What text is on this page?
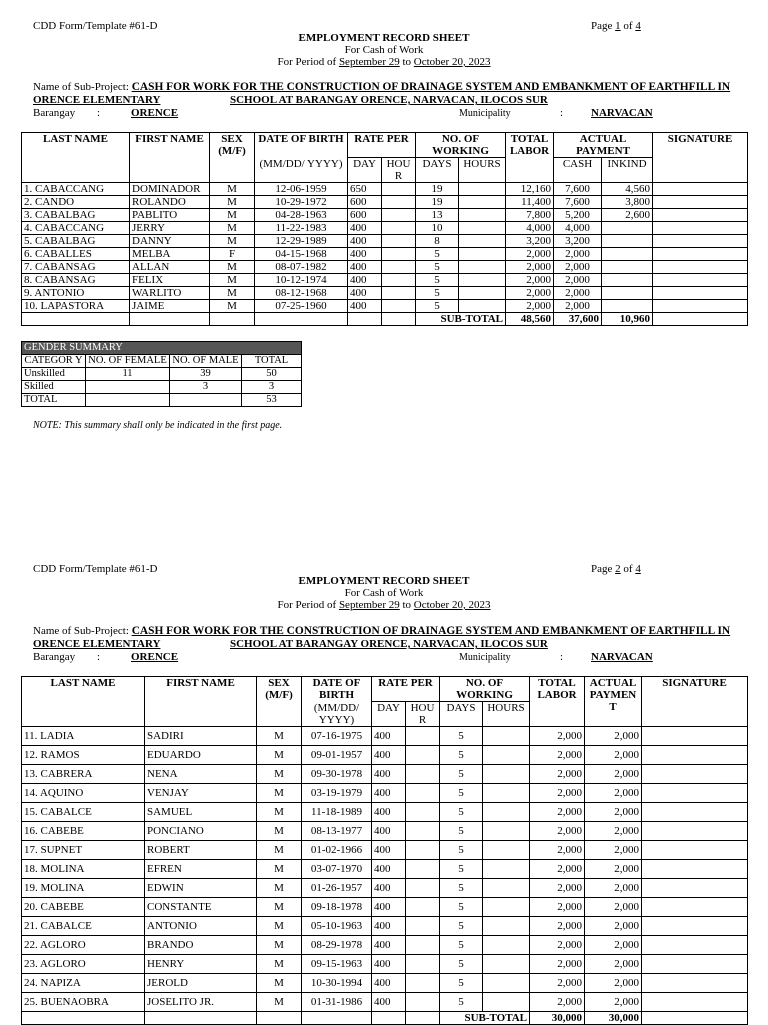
CDD Form/Template #61-D	Page 1 of 4
EMPLOYMENT RECORD SHEET
For Cash of Work
For Period of September 29 to October 20, 2023
Name of Sub-Project: CASH FOR WORK FOR THE CONSTRUCTION OF DRAINAGE SYSTEM AND EMBANKMENT OF EARTHFILL IN
ORENCE ELEMENTARY	SCHOOL AT BARANGAY ORENCE, NARVACAN, ILOCOS SUR
Barangay :	ORENCE	Municipality	:	NARVACAN
LAST NAME	FIRST NAME	SEX (M/F)	DATE OF BIRTH	RATE PER		NO. OF WORKING		TOTAL LABOR	ACTUAL PAYMENT		SIGNATURE
			(MM/DD/ YYYY)	DAY	HOU R	DAYS	HOURS		CASH	INKIND	
1. CABACCANG	DOMINADOR	M	12-06-1959	650		19		12,160	7,600	4,560	
2. CANDO	ROLANDO	M	10-29-1972	600		19		11,400	7,600	3,800	
3. CABALBAG	PABLITO	M	04-28-1963	600		13		7,800	5,200	2,600	
4. CABACCANG	JERRY	M	11-22-1983	400		10		4,000	4,000		
5. CABALBAG	DANNY	M	12-29-1989	400		8		3,200	3,200		
6. CABALLES	MELBA	F	04-15-1968	400		5		2,000	2,000		
7. CABANSAG	ALLAN	M	08-07-1982	400		5		2,000	2,000		
8. CABANSAG	FELIX	M	10-12-1974	400		5		2,000	2,000		
9. ANTONIO	WARLITO	M	08-12-1968	400		5		2,000	2,000		
10. LAPASTORA	JAIME	M	07-25-1960	400		5		2,000	2,000		
						SUB-TOTAL		48,560	37,600	10,960	
GENDER SUMMARY			
CATEGOR Y	NO. OF FEMALE	NO. OF MALE	TOTAL
Unskilled	11	39	50
Skilled		3	3
TOTAL			53
NOTE: This summary shall only be indicated in the first page.
CDD Form/Template #61-D	Page 2 of 4
EMPLOYMENT RECORD SHEET
For Cash of Work
For Period of September 29 to October 20, 2023
Name of Sub-Project: CASH FOR WORK FOR THE CONSTRUCTION OF DRAINAGE SYSTEM AND EMBANKMENT OF EARTHFILL IN
ORENCE ELEMENTARY	SCHOOL AT BARANGAY ORENCE, NARVACAN, ILOCOS SUR
Barangay :	ORENCE	Municipality	:	NARVACAN
LAST NAME	FIRST NAME	SEX (M/F)	DATE OF BIRTH	RATE PER		NO. OF WORKING		TOTAL LABOR	ACTUAL PAYMEN T	SIGNATURE
			(MM/DD/ YYYY)	DAY	HOU R	DAYS	HOURS			
11. LADIA	SADIRI	M	07-16-1975	400		5		2,000	2,000	
12. RAMOS	EDUARDO	M	09-01-1957	400		5		2,000	2,000	
13. CABRERA	NENA	M	09-30-1978	400		5		2,000	2,000	
14. AQUINO	VENJAY	M	03-19-1979	400		5		2,000	2,000	
15. CABALCE	SAMUEL	M	11-18-1989	400		5		2,000	2,000	
16. CABEBE	PONCIANO	M	08-13-1977	400		5		2,000	2,000	
17. SUPNET	ROBERT	M	01-02-1966	400		5		2,000	2,000	
18. MOLINA	EFREN	M	03-07-1970	400		5		2,000	2,000	
19. MOLINA	EDWIN	M	01-26-1957	400		5		2,000	2,000	
20. CABEBE	CONSTANTE	M	09-18-1978	400		5		2,000	2,000	
21. CABALCE	ANTONIO	M	05-10-1963	400		5		2,000	2,000	
22. AGLORO	BRANDO	M	08-29-1978	400		5		2,000	2,000	
23. AGLORO	HENRY	M	09-15-1963	400		5		2,000	2,000	
24. NAPIZA	JEROLD	M	10-30-1994	400		5		2,000	2,000	
25. BUENAOBRA	JOSELITO JR.	M	01-31-1986	400		5		2,000	2,000	
						SUB-TOTAL		30,000	30,000	
